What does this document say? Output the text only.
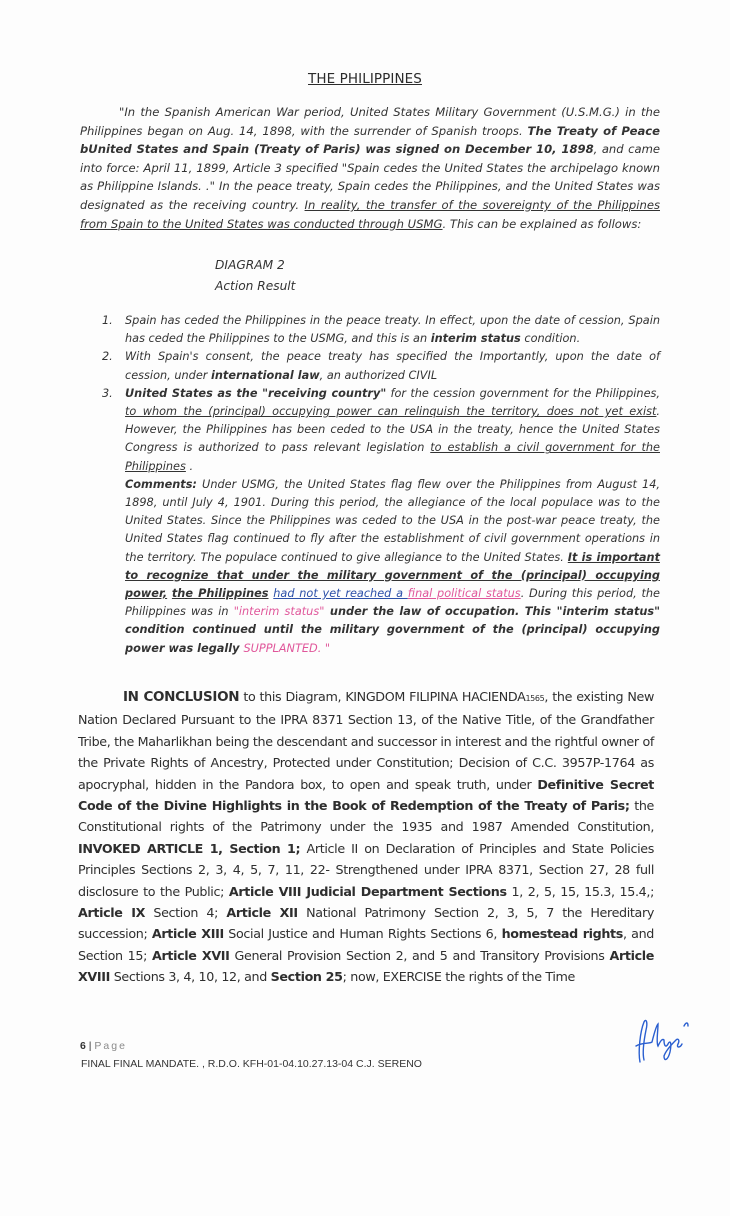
THE PHILIPPINES

"In the Spanish American War period, United States Military Government (U.S.M.G.) in the Philippines began on Aug. 14, 1898, with the surrender of Spanish troops. The Treaty of Peace bUnited States and Spain (Treaty of Paris) was signed on December 10, 1898, and came into force: April 11, 1899, Article 3 specified "Spain cedes the United States the archipelago known as Philippine Islands. ." In the peace treaty, Spain cedes the Philippines, and the United States was designated as the receiving country. In reality, the transfer of the sovereignty of the Philippines from Spain to the United States was conducted through USMG. This can be explained as follows:

DIAGRAM 2
Action Result
1. Spain has ceded the Philippines in the peace treaty. In effect, upon the date of cession, Spain has ceded the Philippines to the USMG, and this is an interim status condition.
2. With Spain's consent, the peace treaty has specified the Importantly, upon the date of cession, under international law, an authorized CIVIL
3. United States as the "receiving country" for the cession government for the Philippines, to whom the (principal) occupying power can relinquish the territory, does not yet exist. However, the Philippines has been ceded to the USA in the treaty, hence the United States Congress is authorized to pass relevant legislation to establish a civil government for the Philippines .
Comments: Under USMG, the United States flag flew over the Philippines from August 14, 1898, until July 4, 1901. During this period, the allegiance of the local populace was to the United States. Since the Philippines was ceded to the USA in the post-war peace treaty, the United States flag continued to fly after the establishment of civil government operations in the territory. The populace continued to give allegiance to the United States. It is important to recognize that under the military government of the (principal) occupying power, the Philippines had not yet reached a final political status. During this period, the Philippines was in "interim status" under the law of occupation. This "interim status" condition continued until the military government of the (principal) occupying power was legally SUPPLANTED. "

IN CONCLUSION to this Diagram, KINGDOM FILIPINA HACIENDA1565, the existing New Nation Declared Pursuant to the IPRA 8371 Section 13, of the Native Title, of the Grandfather Tribe, the Maharlikhan being the descendant and successor in interest and the rightful owner of the Private Rights of Ancestry, Protected under Constitution; Decision of C.C. 3957P-1764 as apocryphal, hidden in the Pandora box, to open and speak truth, under Definitive Secret Code of the Divine Highlights in the Book of Redemption of the Treaty of Paris; the Constitutional rights of the Patrimony under the 1935 and 1987 Amended Constitution, INVOKED ARTICLE 1, Section 1; Article II on Declaration of Principles and State Policies Principles Sections 2, 3, 4, 5, 7, 11, 22- Strengthened under IPRA 8371, Section 27, 28 full disclosure to the Public; Article VIII Judicial Department Sections 1, 2, 5, 15, 15.3, 15.4,; Article IX Section 4; Article XII National Patrimony Section 2, 3, 5, 7 the Hereditary succession; Article XIII Social Justice and Human Rights Sections 6, homestead rights, and Section 15; Article XVII General Provision Section 2, and 5 and Transitory Provisions Article XVIII Sections 3, 4, 10, 12, and Section 25; now, EXERCISE the rights of the Time

6 | Page
FINAL FINAL MANDATE. , R.D.O. KFH-01-04.10.27.13-04 C.J. SERENO
